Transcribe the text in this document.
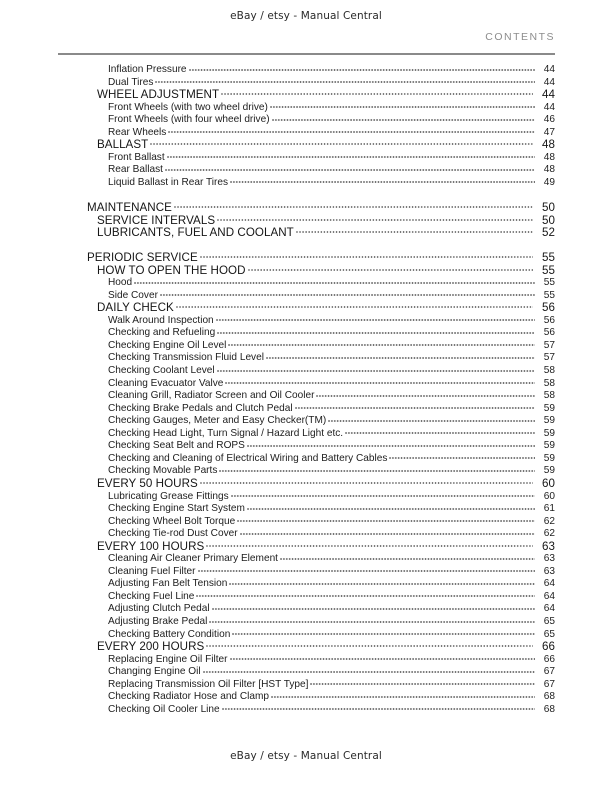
eBay / etsy - Manual Central
CONTENTS
Inflation Pressure	44
Dual Tires	44
WHEEL ADJUSTMENT	44
Front Wheels (with two wheel drive)	44
Front Wheels (with four wheel drive)	46
Rear Wheels	47
BALLAST	48
Front Ballast	48
Rear Ballast	48
Liquid Ballast in Rear Tires	49
MAINTENANCE	50
SERVICE INTERVALS	50
LUBRICANTS, FUEL AND COOLANT	52
PERIODIC SERVICE	55
HOW TO OPEN THE HOOD	55
Hood	55
Side Cover	55
DAILY CHECK	56
Walk Around Inspection	56
Checking and Refueling	56
Checking Engine Oil Level	57
Checking Transmission Fluid Level	57
Checking Coolant Level	58
Cleaning Evacuator Valve	58
Cleaning Grill, Radiator Screen and Oil Cooler	58
Checking Brake Pedals and Clutch Pedal	59
Checking Gauges, Meter and Easy Checker(TM)	59
Checking Head Light, Turn Signal / Hazard Light etc.	59
Checking Seat Belt and ROPS	59
Checking and Cleaning of Electrical Wiring and Battery Cables	59
Checking Movable Parts	59
EVERY 50 HOURS	60
Lubricating Grease Fittings	60
Checking Engine Start System	61
Checking Wheel Bolt Torque	62
Checking Tie-rod Dust Cover	62
EVERY 100 HOURS	63
Cleaning Air Cleaner Primary Element	63
Cleaning Fuel Filter	63
Adjusting Fan Belt Tension	64
Checking Fuel Line	64
Adjusting Clutch Pedal	64
Adjusting Brake Pedal	65
Checking Battery Condition	65
EVERY 200 HOURS	66
Replacing Engine Oil Filter	66
Changing Engine Oil	67
Replacing Transmission Oil Filter [HST Type]	67
Checking Radiator Hose and Clamp	68
Checking Oil Cooler Line	68
eBay / etsy - Manual Central
